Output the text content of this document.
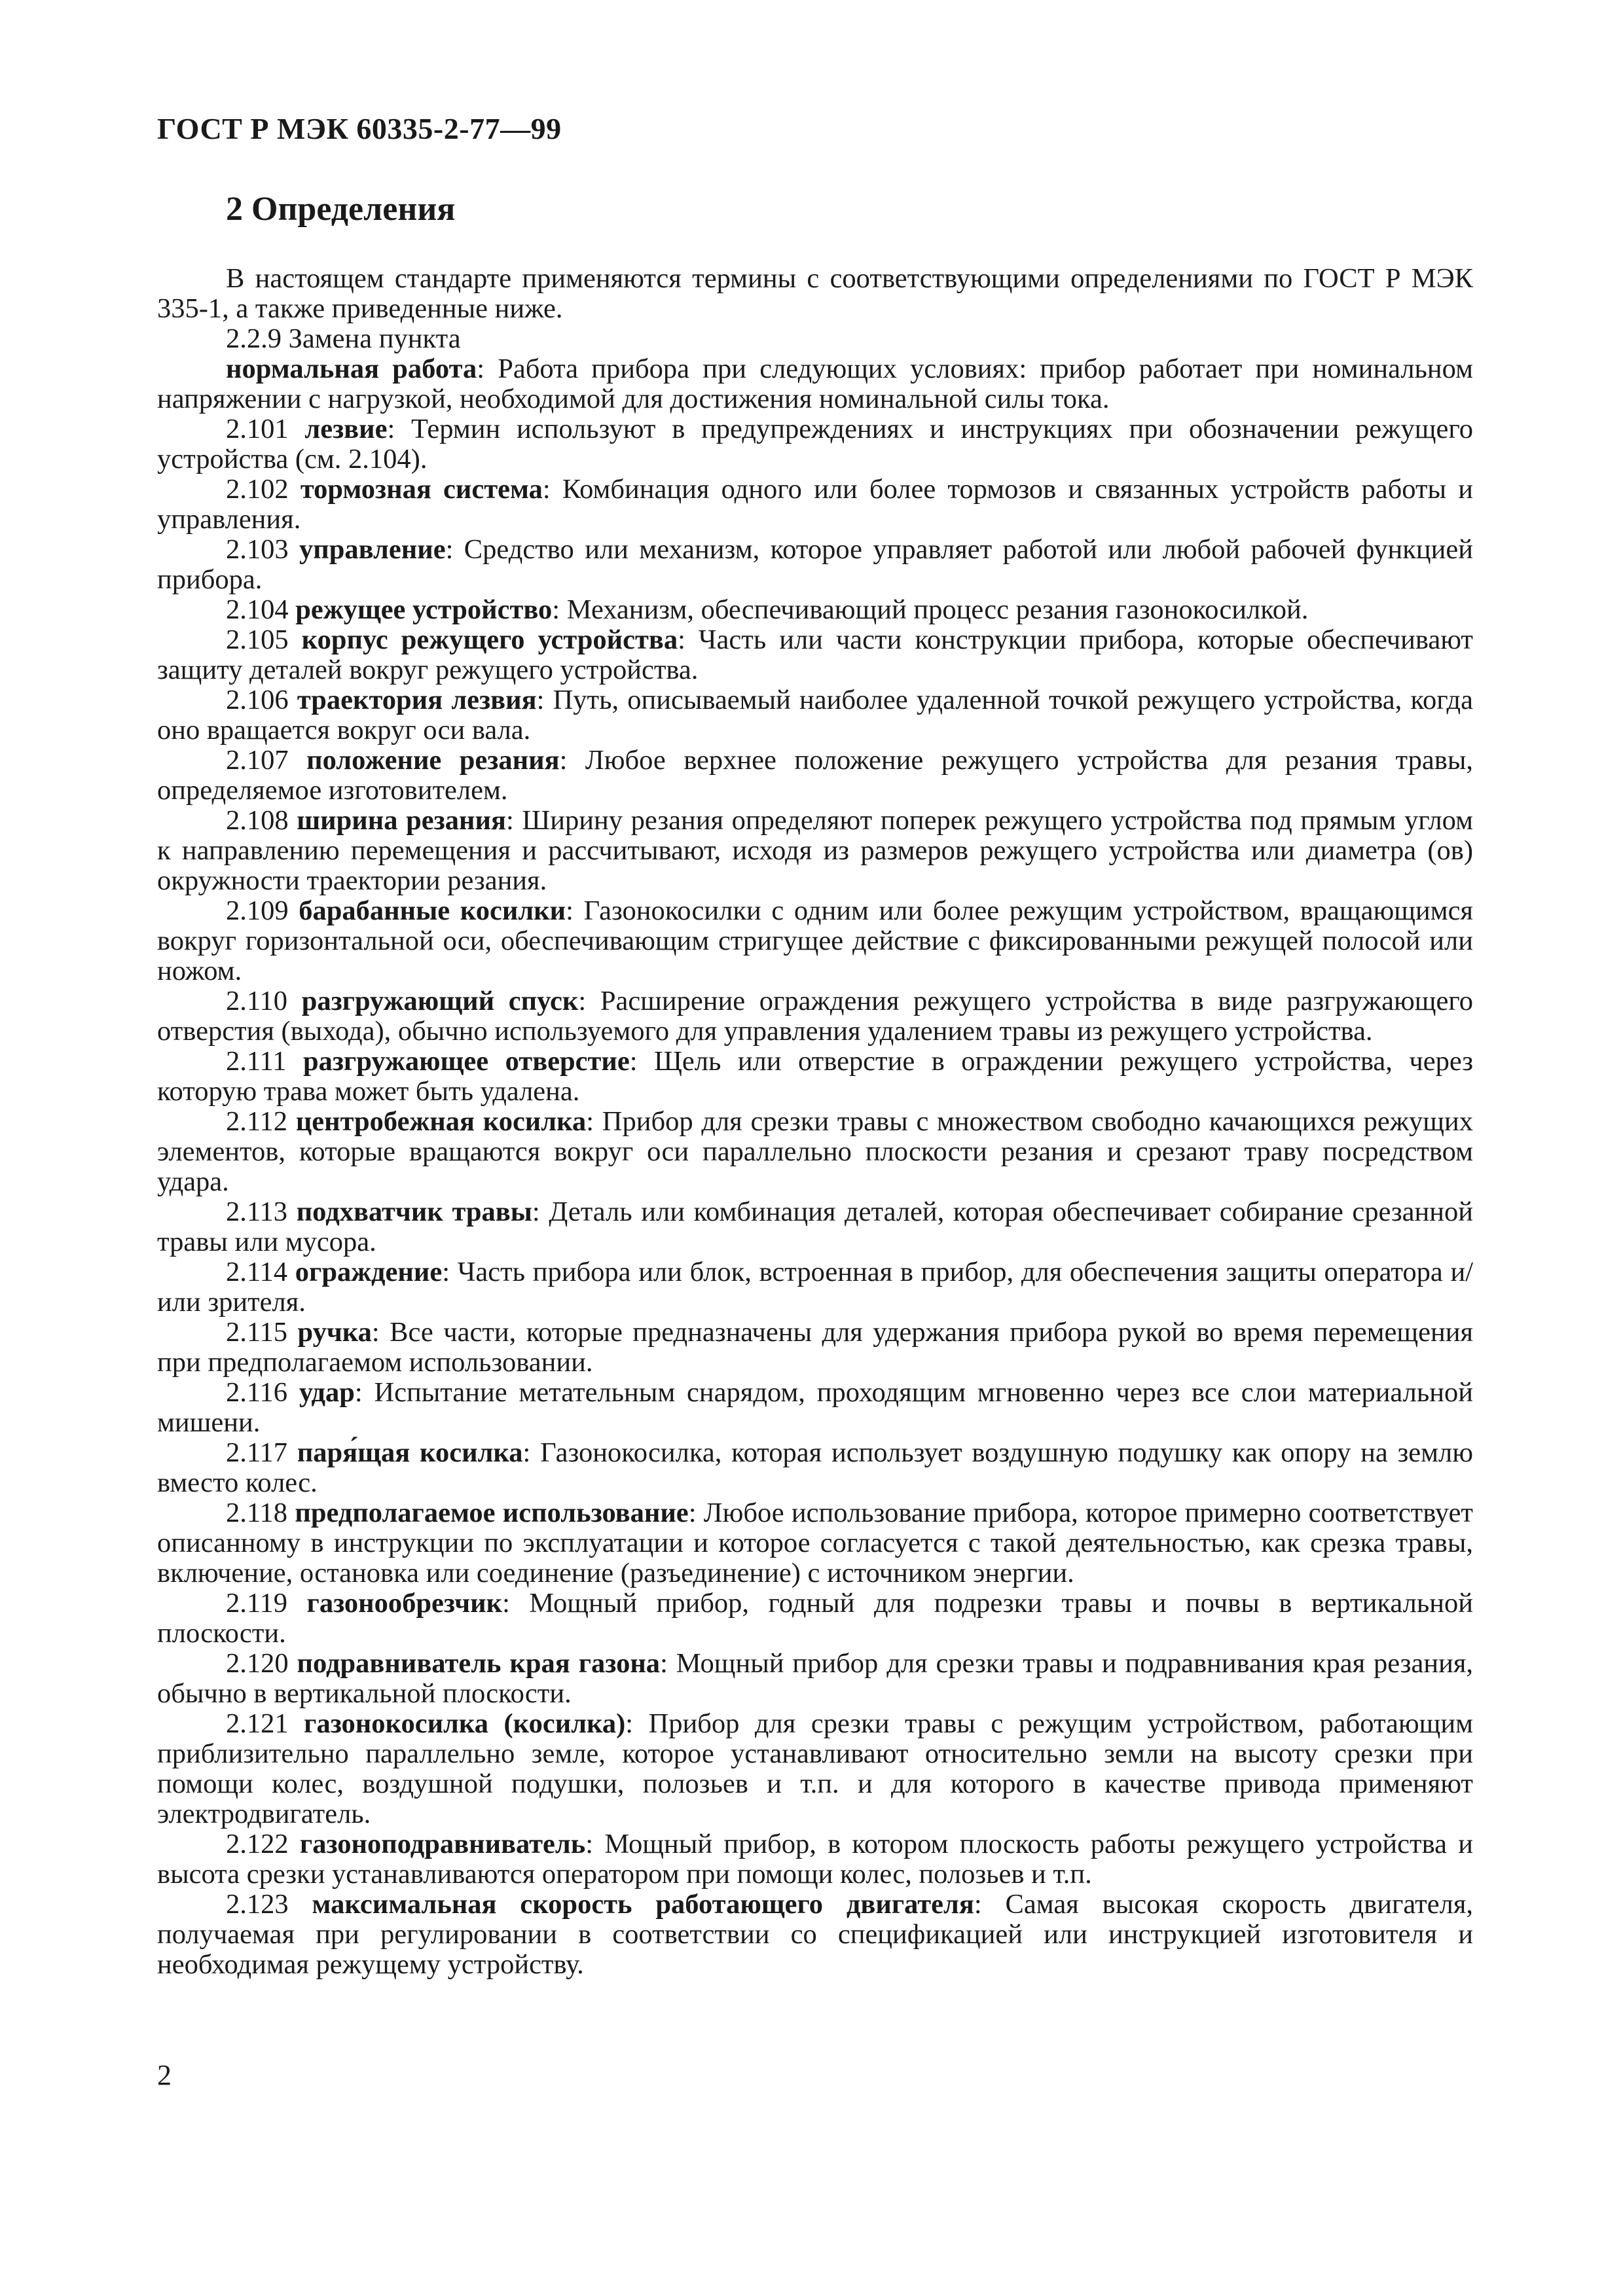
ГОСТ Р МЭК 60335-2-77—99

2 Определения

В настоящем стандарте применяются термины с соответствующими определениями по ГОСТ Р МЭК 335-1, а также приведенные ниже.

2.2.9 Замена пункта

нормальная работа: Работа прибора при следующих условиях: прибор работает при номинальном напряжении с нагрузкой, необходимой для достижения номинальной силы тока.

2.101 лезвие: Термин используют в предупреждениях и инструкциях при обозначении режущего устройства (см. 2.104).

2.102 тормозная система: Комбинация одного или более тормозов и связанных устройств работы и управления.

2.103 управление: Средство или механизм, которое управляет работой или любой рабочей функцией прибора.

2.104 режущее устройство: Механизм, обеспечивающий процесс резания газонокосилкой.

2.105 корпус режущего устройства: Часть или части конструкции прибора, которые обеспечивают защиту деталей вокруг режущего устройства.

2.106 траектория лезвия: Путь, описываемый наиболее удаленной точкой режущего устройства, когда оно вращается вокруг оси вала.

2.107 положение резания: Любое верхнее положение режущего устройства для резания травы, определяемое изготовителем.

2.108 ширина резания: Ширину резания определяют поперек режущего устройства под прямым углом к направлению перемещения и рассчитывают, исходя из размеров режущего устройства или диаметра (ов) окружности траектории резания.

2.109 барабанные косилки: Газонокосилки с одним или более режущим устройством, вращающимся вокруг горизонтальной оси, обеспечивающим стригущее действие с фиксированными режущей полосой или ножом.

2.110 разгружающий спуск: Расширение ограждения режущего устройства в виде разгружающего отверстия (выхода), обычно используемого для управления удалением травы из режущего устройства.

2.111 разгружающее отверстие: Щель или отверстие в ограждении режущего устройства, через которую трава может быть удалена.

2.112 центробежная косилка: Прибор для срезки травы с множеством свободно качающихся режущих элементов, которые вращаются вокруг оси параллельно плоскости резания и срезают траву посредством удара.

2.113 подхватчик травы: Деталь или комбинация деталей, которая обеспечивает собирание срезанной травы или мусора.

2.114 ограждение: Часть прибора или блок, встроенная в прибор, для обеспечения защиты оператора и/или зрителя.

2.115 ручка: Все части, которые предназначены для удержания прибора рукой во время перемещения при предполагаемом использовании.

2.116 удар: Испытание метательным снарядом, проходящим мгновенно через все слои материальной мишени.

2.117 паря́щая косилка: Газонокосилка, которая использует воздушную подушку как опору на землю вместо колес.

2.118 предполагаемое использование: Любое использование прибора, которое примерно соответствует описанному в инструкции по эксплуатации и которое согласуется с такой деятельностью, как срезка травы, включение, остановка или соединение (разъединение) с источником энергии.

2.119 газонообрезчик: Мощный прибор, годный для подрезки травы и почвы в вертикальной плоскости.

2.120 подравниватель края газона: Мощный прибор для срезки травы и подравнивания края резания, обычно в вертикальной плоскости.

2.121 газонокосилка (косилка): Прибор для срезки травы с режущим устройством, работающим приблизительно параллельно земле, которое устанавливают относительно земли на высоту срезки при помощи колес, воздушной подушки, полозьев и т.п. и для которого в качестве привода применяют электродвигатель.

2.122 газоноподравниватель: Мощный прибор, в котором плоскость работы режущего устройства и высота срезки устанавливаются оператором при помощи колес, полозьев и т.п.

2.123 максимальная скорость работающего двигателя: Самая высокая скорость двигателя, получаемая при регулировании в соответствии со спецификацией или инструкцией изготовителя и необходимая режущему устройству.

2
